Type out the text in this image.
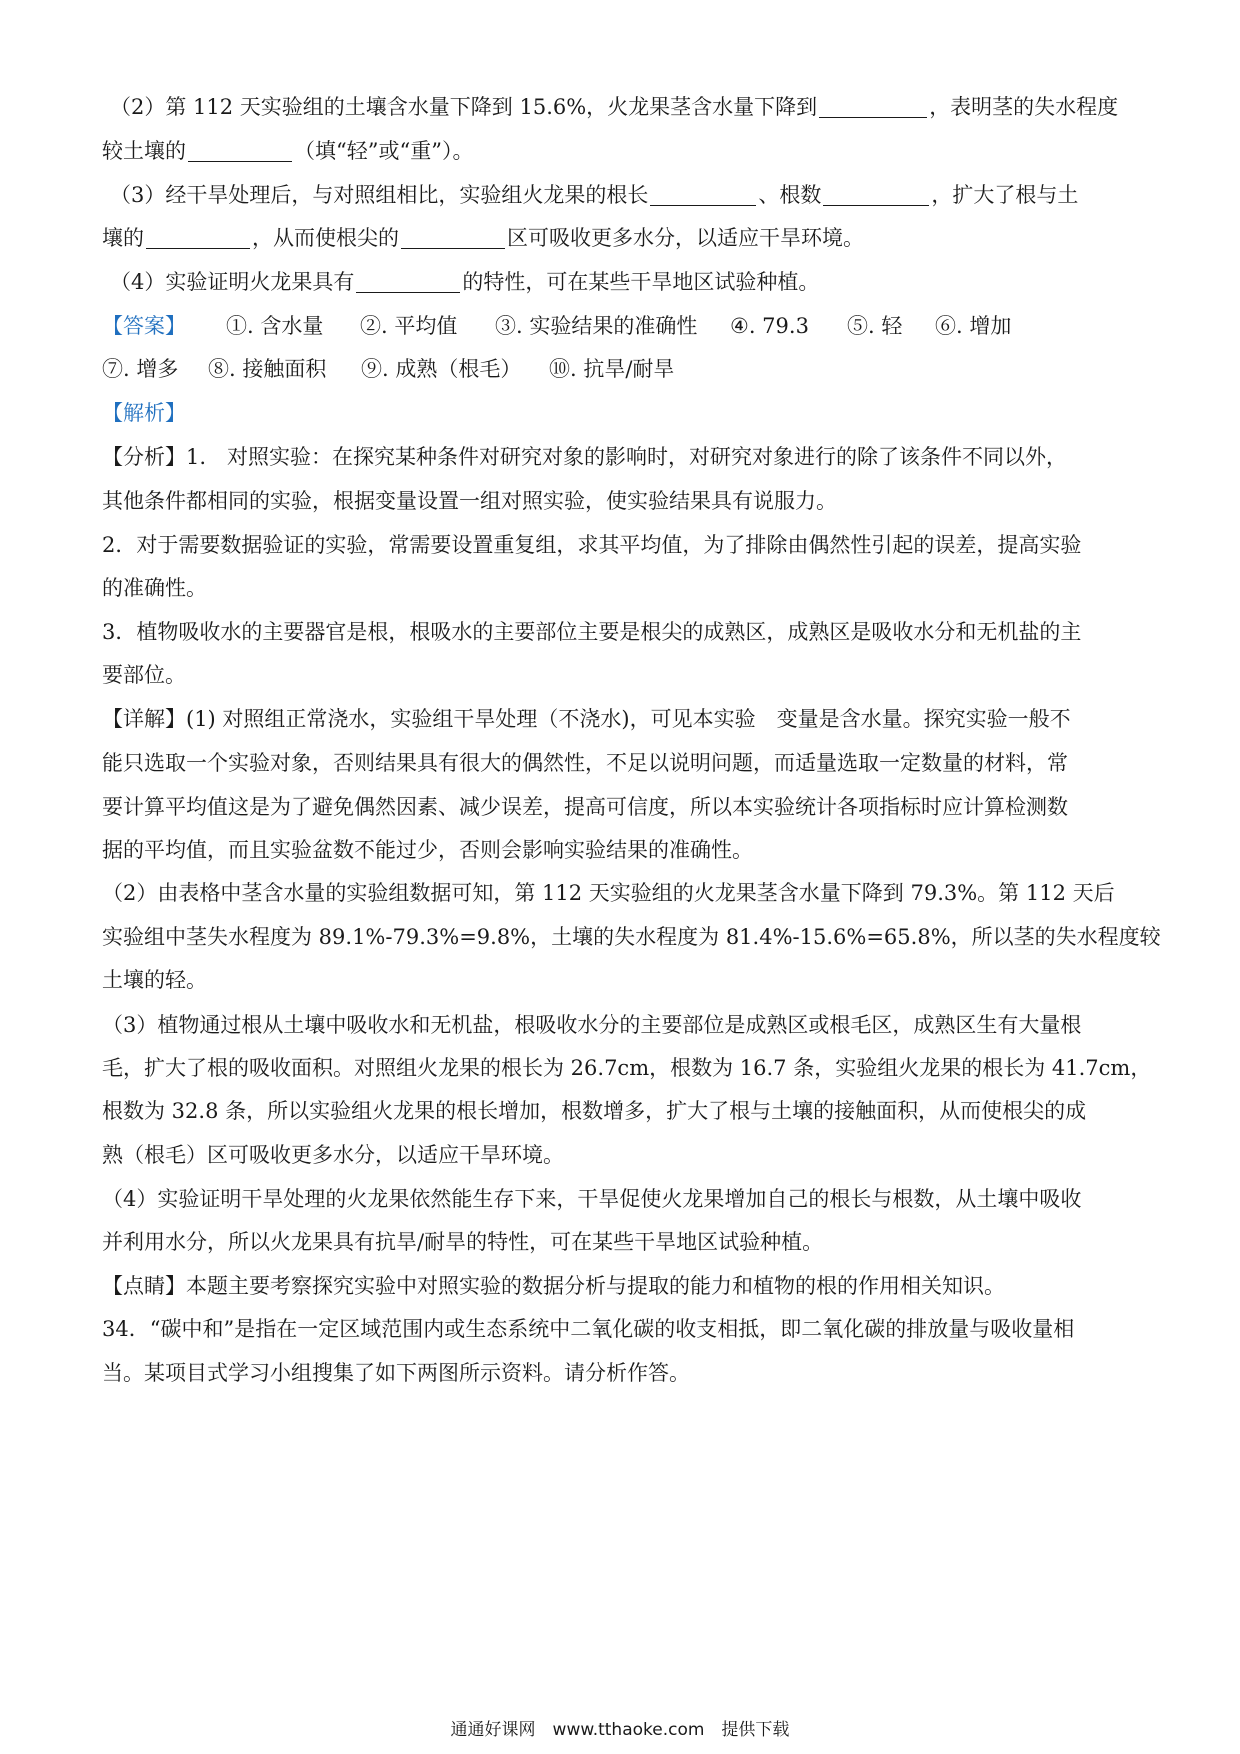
（2）第 112 天实验组的土壤含水量下降到 15.6%，火龙果茎含水量下降到	，表明茎的失水程度
较土壤的	（填“轻”或“重”）。
（3）经干旱处理后，与对照组相比，实验组火龙果的根长	、根数	，扩大了根与土
壤的	，从而使根尖的	区可吸收更多水分，以适应干旱环境。
（4）实验证明火龙果具有	的特性，可在某些干旱地区试验种植。
【答案】 ①. 含水量 ②. 平均值 ③. 实验结果的准确性 ④. 79.3 ⑤. 轻 ⑥. 增加
⑦. 增多 ⑧. 接触面积 ⑨. 成熟（根毛） ⑩. 抗旱/耐旱
【解析】
【分析】1.　对照实验：在探究某种条件对研究对象的影响时，对研究对象进行的除了该条件不同以外，
其他条件都相同的实验，根据变量设置一组对照实验，使实验结果具有说服力。
2．对于需要数据验证的实验，常需要设置重复组，求其平均值，为了排除由偶然性引起的误差，提高实验
的准确性。
3．植物吸收水的主要器官是根，根吸水的主要部位主要是根尖的成熟区，成熟区是吸收水分和无机盐的主
要部位。
【详解】(1) 对照组正常浇水，实验组干旱处理（不浇水)，可见本实验　变量是含水量。探究实验一般不
能只选取一个实验对象，否则结果具有很大的偶然性，不足以说明问题，而适量选取一定数量的材料，常
要计算平均值这是为了避免偶然因素、减少误差，提高可信度，所以本实验统计各项指标时应计算检测数
据的平均值，而且实验盆数不能过少，否则会影响实验结果的准确性。
（2）由表格中茎含水量的实验组数据可知，第 112 天实验组的火龙果茎含水量下降到 79.3%。第 112 天后
实验组中茎失水程度为 89.1%-79.3%=9.8%，土壤的失水程度为 81.4%-15.6%=65.8%，所以茎的失水程度较
土壤的轻。
（3）植物通过根从土壤中吸收水和无机盐，根吸收水分的主要部位是成熟区或根毛区，成熟区生有大量根
毛，扩大了根的吸收面积。对照组火龙果的根长为 26.7cm，根数为 16.7 条，实验组火龙果的根长为 41.7cm，
根数为 32.8 条，所以实验组火龙果的根长增加，根数增多，扩大了根与土壤的接触面积，从而使根尖的成
熟（根毛）区可吸收更多水分，以适应干旱环境。
（4）实验证明干旱处理的火龙果依然能生存下来，干旱促使火龙果增加自己的根长与根数，从土壤中吸收
并利用水分，所以火龙果具有抗旱/耐旱的特性，可在某些干旱地区试验种植。
【点睛】本题主要考察探究实验中对照实验的数据分析与提取的能力和植物的根的作用相关知识。
34．“碳中和”是指在一定区域范围内或生态系统中二氧化碳的收支相抵，即二氧化碳的排放量与吸收量相
当。某项目式学习小组搜集了如下两图所示资料。请分析作答。
通通好课网　www.tthaoke.com　提供下载
